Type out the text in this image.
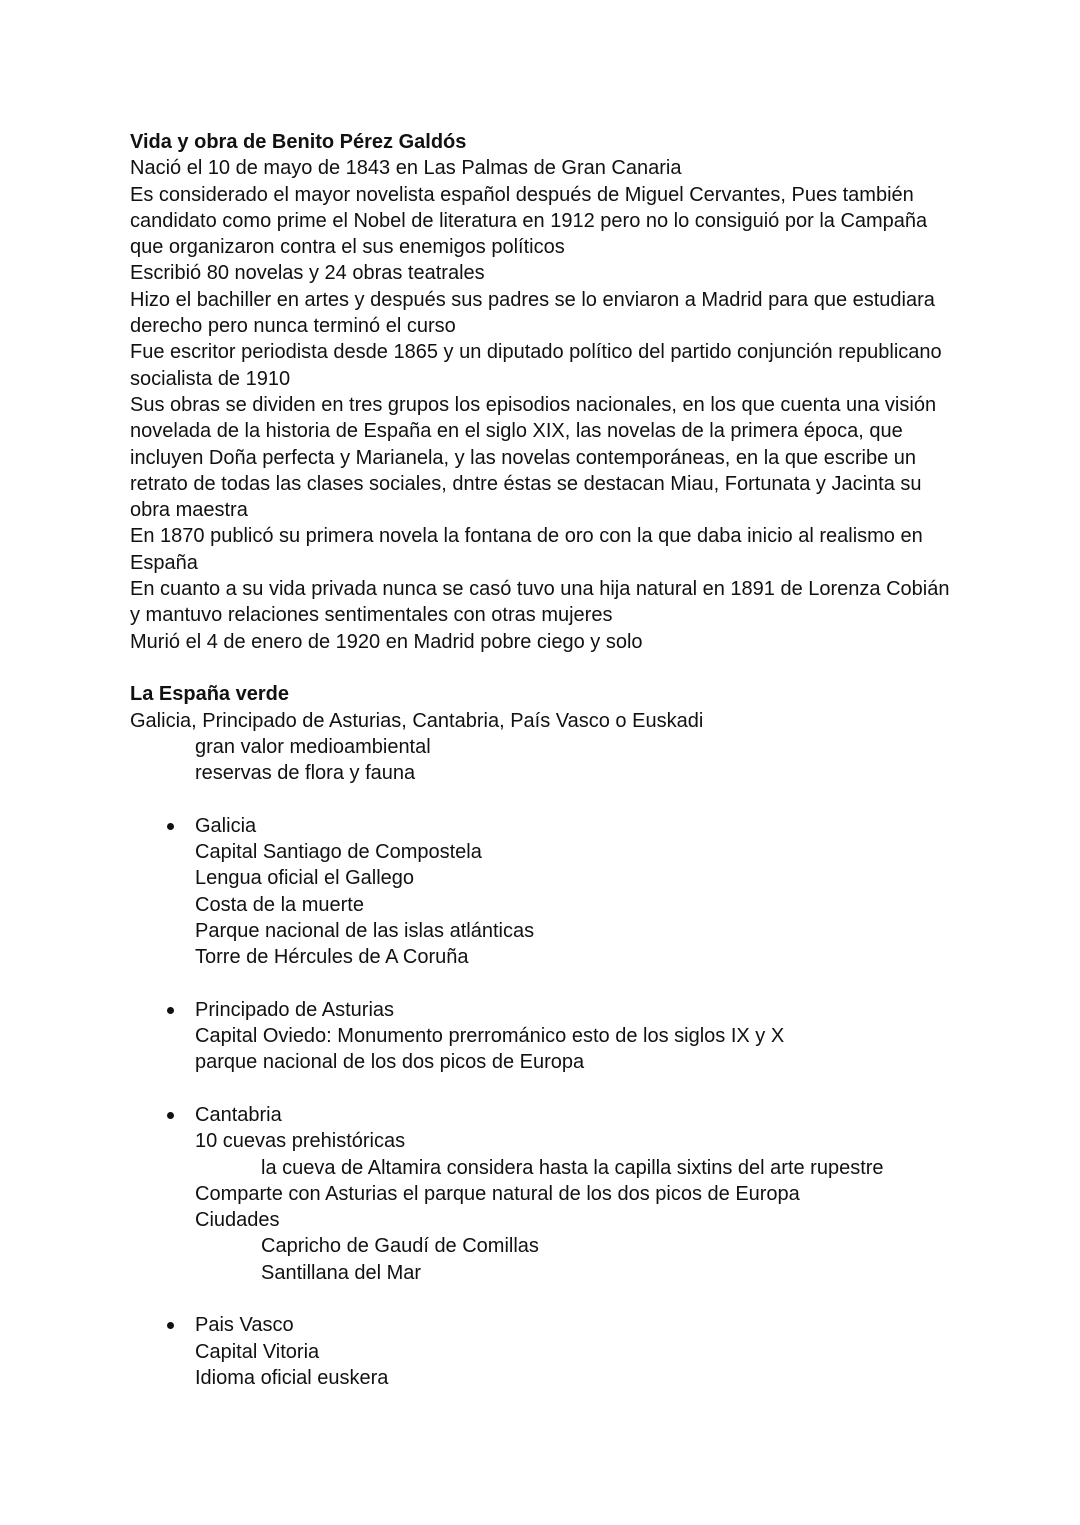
Vida y obra de Benito Pérez Galdós

Nació el 10 de mayo de 1843 en Las Palmas de Gran Canaria

Es considerado el mayor novelista español después de Miguel Cervantes, Pues también candidato como prime el Nobel de literatura en 1912 pero no lo consiguió por la Campaña que organizaron contra el sus enemigos políticos

Escribió 80 novelas y 24 obras teatrales

Hizo el bachiller en artes y después sus padres se lo enviaron a Madrid para que estudiara derecho pero nunca terminó el curso

Fue escritor periodista desde 1865 y un diputado político del partido conjunción republicano socialista de 1910

Sus obras se dividen en tres grupos los episodios nacionales, en los que cuenta una visión novelada de la historia de España en el siglo XIX, las novelas de la primera época, que incluyen Doña perfecta y Marianela, y las novelas contemporáneas, en la que escribe un retrato de todas las clases sociales, dntre éstas se destacan Miau, Fortunata y Jacinta su obra maestra

En 1870 publicó su primera novela la fontana de oro con la que daba inicio al realismo en España

En cuanto a su vida privada nunca se casó tuvo una hija natural en 1891 de Lorenza Cobián y mantuvo relaciones sentimentales con otras mujeres

Murió el 4 de enero de 1920 en Madrid pobre ciego y solo

La España verde

Galicia, Principado de Asturias, Cantabria, País Vasco o Euskadi

gran valor medioambiental

reservas de flora y fauna

Galicia

Capital Santiago de Compostela

Lengua oficial el Gallego

Costa de la muerte

Parque nacional de las islas atlánticas

Torre de Hércules de A Coruña

Principado de Asturias

Capital Oviedo: Monumento prerrománico esto de los siglos IX y X

parque nacional de los dos picos de Europa

Cantabria

10 cuevas prehistóricas

la cueva de Altamira considera hasta la capilla sixtins del arte rupestre

Comparte con Asturias el parque natural de los dos picos de Europa

Ciudades

Capricho de Gaudí de Comillas

Santillana del Mar

Pais Vasco

Capital Vitoria

Idioma oficial euskera
